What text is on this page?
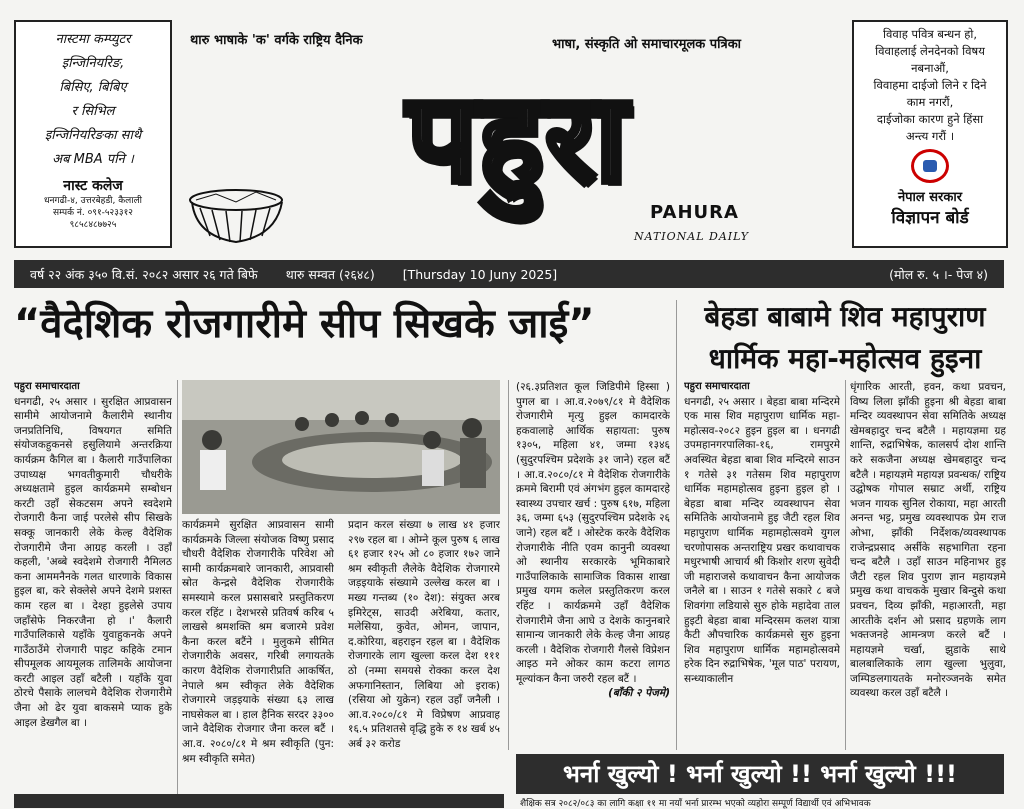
नास्टमा कम्प्युटर
इन्जिनियरिङ,
बिसिए, बिबिए
र सिभिल
इन्जिनियरिङका साथै
अब MBA पनि ।
नास्ट कलेज
धनगढी-४, उत्तरबेहडी, कैलाली
सम्पर्क नं. ०९१-५२३३१२
९८५८४८७७२५
थारु भाषाके 'क' वर्गके राष्ट्रिय दैनिक	भाषा, संस्कृति ओ समाचारमूलक पत्रिका
पहुरा
PAHURA
NATIONAL DAILY
विवाह पवित्र बन्धन हो,
विवाहलाई लेनदेनको विषय
नबनाऔं,
विवाहमा दाईजो लिने र दिने
काम नगरौं,
दाईजोका कारण हुने हिंसा
अन्त्य गरौं ।
नेपाल सरकार
विज्ञापन बोर्ड
वर्ष २२ अंक ३५० वि.सं. २०८२ असार २६ गते बिफे थारु सम्वत (२६४८) [Thursday 10 Juny 2025]	(मोल रु. ५ ।- पेज ४)
“वैदेशिक रोजगारीमे सीप सिखके जाई”	बेहडा बाबामे शिव महापुराण धार्मिक महा-महोत्सव हुइना
पहुरा समाचारदाता
धनगढी, २५ असार । सुरक्षित आप्रवासन सामीमे आयोजनामे कैलारीमे स्थानीय जनप्रतिनिधि, विषयगत समिति संयोजकहुकनसे हसुलियामे अन्तरक्रिया कार्यक्रम कैगिल बा । कैलारी गाउँपालिका उपाध्यक्ष भगवतीकुमारी चौधरीके अध्यक्षतामे हुइल कार्यक्रममे सम्बोधन करटी उहाँ सेकटसम अपने स्वदेशमे रोजगारी कैना जाई परलेसे सीप सिखके सक्कू जानकारी लेके केल्ह वैदेशिक रोजगारीमे जैना आग्रह करली । उहाँ कहली, 'अब्बे स्वदेशमे रोजगारी नैमिलठ कना आममनैनके गलत धारणाके विकास हुइल बा, करे सेक्लेसे अपने देशमे प्रशस्त काम रहल बा । देश्हा हुइलेसे उपाय जहाँसेफे निकरजैना हो ।' कैलारी गाउँपालिकासे यहाँके युवाहुकनके अपने गाउँठाउँमे रोजगारी पाइट कहिके टमान सीपमूलक आयमूलक तालिमके आयोजना करटी आइल उहाँ बटैली । यहाँके युवा ठोरचे पैसाके लालचमे वैदेशिक रोजगारीमे जैना ओ ढेर युवा बाकसमे प्याक हुके आइल डेखगैल बा ।
कार्यक्रममे सुरक्षित आप्रवासन सामी कार्यक्रमके जिल्ला संयोजक विष्णु प्रसाद चौधरी वैदेशिक रोजगारीके परिवेश ओ सामी कार्यक्रमबारे जानकारी, आप्रवासी स्रोत केन्द्रसे वैदेशिक रोजगारीके समस्यामे करल प्रसासबारे प्रस्तुतिकरण करल रहिंट । देशभरसे प्रतिवर्ष करिब ५ लाखसे श्रमशक्ति श्रम बजारमे प्रवेश कैना करल बटैंने । मुलुकमे सीमित रोजगारीके अवसर, गरिबी लगायतके कारण वैदेशिक रोजगारीप्रति आकर्षित, नेपाले श्रम स्वीकृत लेके वैदेशिक रोजगारमे जड़इयाके संख्या ६३ लाख नाघसेकल बा । हाल हैनिक सरदर ३३०० जाने वैदेशिक रोजगार जैना करल बटैं । आ.व. २०८०/८१ मे श्रम स्वीकृति (पुन: श्रम स्वीकृति समेत)
प्रदान करल संख्या ७ लाख ४१ हजार २९७ रहल बा । ओम्ने कूल पुरुष ६ लाख ६१ हजार १२५ ओ ८० हजार १७२ जाने श्रम स्वीकृती लैलेके वैदेशिक रोजगारमे जड़इयाके संख्यामे उल्लेख करल बा । मख्य गन्तब्य (१० देश): संयुक्त अरब इमिरेट्स, साउदी अरेबिया, कतार, मलेसिया, कुवेत, ओमन, जापान, द.कोरिया, बहराइन रहल बा । वैदेशिक रोजगारके लाग खुल्ला करल देश १११ ठो (नम्मा समयसे रोक्का करल देश अफगानिस्तान, लिबिया ओ इराक) (रसिया ओ युक्रेन) रहल उहाँ जनैली । आ.व.२०८०/८१ मे विप्रेषण आप्रवाह १६.५ प्रतिशतसे वृद्धि हुके रु १४ खर्ब ४५ अर्ब ३२ करोड
(२६.३प्रतिशत कूल जिडिपीमे हिस्सा ) पुगल बा । आ.व.२०७९/८१ मे वैदेशिक रोजगारीमे मृत्यु हुइल कामदारके हकवालाहे आर्थिक सहायता: पुरुष १३०५, महिला ४१, जम्मा १३४६ (सुदुरपश्चिम प्रदेशके ३१ जाने) रहल बटैं । आ.व.२०८०/८१ मे वैदेशिक रोजगारीके क्रममे बिरामी एवं अंगभंग हुइल कामदारहे स्वास्थ्य उपचार खर्च : पुरुष ६१७, महिला ३६, जम्मा ६५३ (सुदुरपश्चिम प्रदेशके २६ जाने) रहल बटैं । ओस्टेक करके वैदेशिक रोजगारीके नीति एवम कानुनी व्यवस्था ओ स्थानीय सरकारके भूमिकाबारे गाउँपालिकाके सामाजिक विकास शाखा प्रमुख यगम कलेल प्रस्तुतिकरण करल रहिंट । कार्यक्रममे उहाँ वैदेशिक रोजगारीमे जैना आघे उ देशके कानुनबारे सामान्य जानकारी लेके केल्ह जैना आग्रह करली । वैदेशिक रोजगारी गैलसे विप्रेशन आइठ मने ओकर काम कटरा लागठ मूल्यांकन कैना जरुरी रहल बटैं ।
(बाँकी २ पेजमे)
पहुरा समाचारदाता
धनगढी, २५ असार । बेहडा बाबा मन्दिरमे एक मास शिव महापुराण धार्मिक महा-महोत्सव-२०८२ हुइन हुइल बा । धनगढी उपमहानगरपालिका-१६, रामपुरमे अवस्थित बेहडा बाबा शिव मन्दिरमे साउन १ गतेसे ३१ गतेसम शिव महापुराण धार्मिक महामहोत्सव हुइना हुइल हो । बेहडा बाबा मन्दिर व्यवस्थापन सेवा समितिके आयोजनामे हुइ जैटी रहल शिव महापुराण धार्मिक महामहोत्सवमे युगल चरणोपासक अन्तराष्ट्रिय प्रखर कथावाचक मधुरभाषी आचार्य श्री किशोर शरण सुवेदी जी महाराजसे कथावाचन कैना आयोजक जनैले बा । साउन १ गतेसे सकारे ८ बजे शिवगंगा लडियासे सुरु होके महादेवा ताल हुइटी बेहडा बाबा मन्दिरसम कलश यात्रा कैटी औपचारिक कार्यक्रमसे सुरु हुइना शिव महापुराण धार्मिक महामहोत्सवमे हरेक दिन रुद्राभिषेक, 'मूल पाठ' परायण, सन्ध्याकालीन
धृंगारिक आरती, हवन, कथा प्रवचन, विष्य लिला झाँकी हुइना श्री बेहडा बाबा मन्दिर व्यवस्थापन सेवा समितिके अध्यक्ष खेमबहादुर चन्द बटैलै । महायज्ञमा ग्रह शान्ति, रुद्राभिषेक, कालसर्प दोश शान्ति करे सकजैना अध्यक्ष खेमबहादुर चन्द बटैलै । महायज्ञमे महायज्ञ प्रवन्धक/ राष्ट्रिय उद्घोषक गोपाल सम्राट अर्थी, राष्ट्रिय भजन गायक सुनिल रोकाया, महा आरती अनन्त भट्ट, प्रमुख व्यवस्थापक प्रेम राज ओभा, झाँकी निर्देशक/व्यवस्थापक राजेन्द्रप्रसाद अर्सीके सहभागिता रहना चन्द बटैलै । उहाँ साउन महिनाभर हुइ जैटी रहल शिव पुराण ज्ञान महायज्ञमे प्रमुख कथा वाचकके मुखार बिन्दुसे कथा प्रवचन, दिव्य झाँकी, महाआरती, महा आरतीके दर्शन ओ प्रसाद ग्रहणके लाग भक्तजनहे आमन्त्रण करले बटैं । महायज्ञमे चर्खा, झुडाके साथे बालबालिकाके लाग खुल्ला भुलुवा, जम्पिङलगायतके मनोरञ्जनके समेत व्यवस्था करल उहाँ बटैलै ।
भर्ना खुल्यो ! भर्ना खुल्यो !! भर्ना खुल्यो !!!
शैक्षिक सत्र २०८२/०८३ का लागि कक्षा ११ मा नयाँ भर्ना प्रारम्भ भएको व्यहोरा सम्पूर्ण विद्यार्थी एवं अभिभावक
